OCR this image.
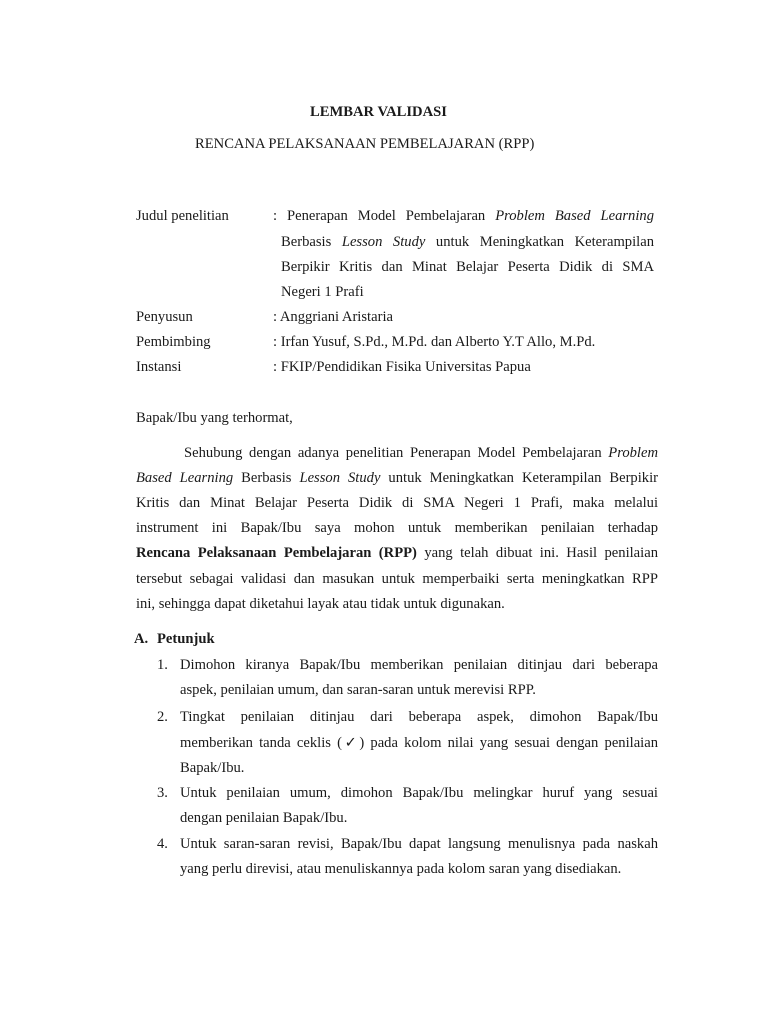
LEMBAR VALIDASI
RENCANA PELAKSANAAN PEMBELAJARAN (RPP)
Judul penelitian	: Penerapan Model Pembelajaran Problem Based Learning
Berbasis Lesson Study untuk Meningkatkan Keterampilan
Berpikir Kritis dan Minat Belajar Peserta Didik di SMA
Negeri 1 Prafi
Penyusun	: Anggriani Aristaria
Pembimbing	: Irfan Yusuf, S.Pd., M.Pd. dan Alberto Y.T Allo, M.Pd.
Instansi	: FKIP/Pendidikan Fisika Universitas Papua
Bapak/Ibu yang terhormat,
Sehubung dengan adanya penelitian Penerapan Model Pembelajaran Problem
Based Learning Berbasis Lesson Study untuk Meningkatkan Keterampilan Berpikir
Kritis dan Minat Belajar Peserta Didik di SMA Negeri 1 Prafi, maka melalui
instrument ini Bapak/Ibu saya mohon untuk memberikan penilaian terhadap
Rencana Pelaksanaan Pembelajaran (RPP) yang telah dibuat ini. Hasil penilaian
tersebut sebagai validasi dan masukan untuk memperbaiki serta meningkatkan RPP
ini, sehingga dapat diketahui layak atau tidak untuk digunakan.
A. Petunjuk
1. Dimohon kiranya Bapak/Ibu memberikan penilaian ditinjau dari beberapa
aspek, penilaian umum, dan saran-saran untuk merevisi RPP.
2. Tingkat penilaian ditinjau dari beberapa aspek, dimohon Bapak/Ibu
memberikan tanda ceklis (✓) pada kolom nilai yang sesuai dengan penilaian
Bapak/Ibu.
3. Untuk penilaian umum, dimohon Bapak/Ibu melingkar huruf yang sesuai
dengan penilaian Bapak/Ibu.
4. Untuk saran-saran revisi, Bapak/Ibu dapat langsung menulisnya pada naskah
yang perlu direvisi, atau menuliskannya pada kolom saran yang disediakan.
